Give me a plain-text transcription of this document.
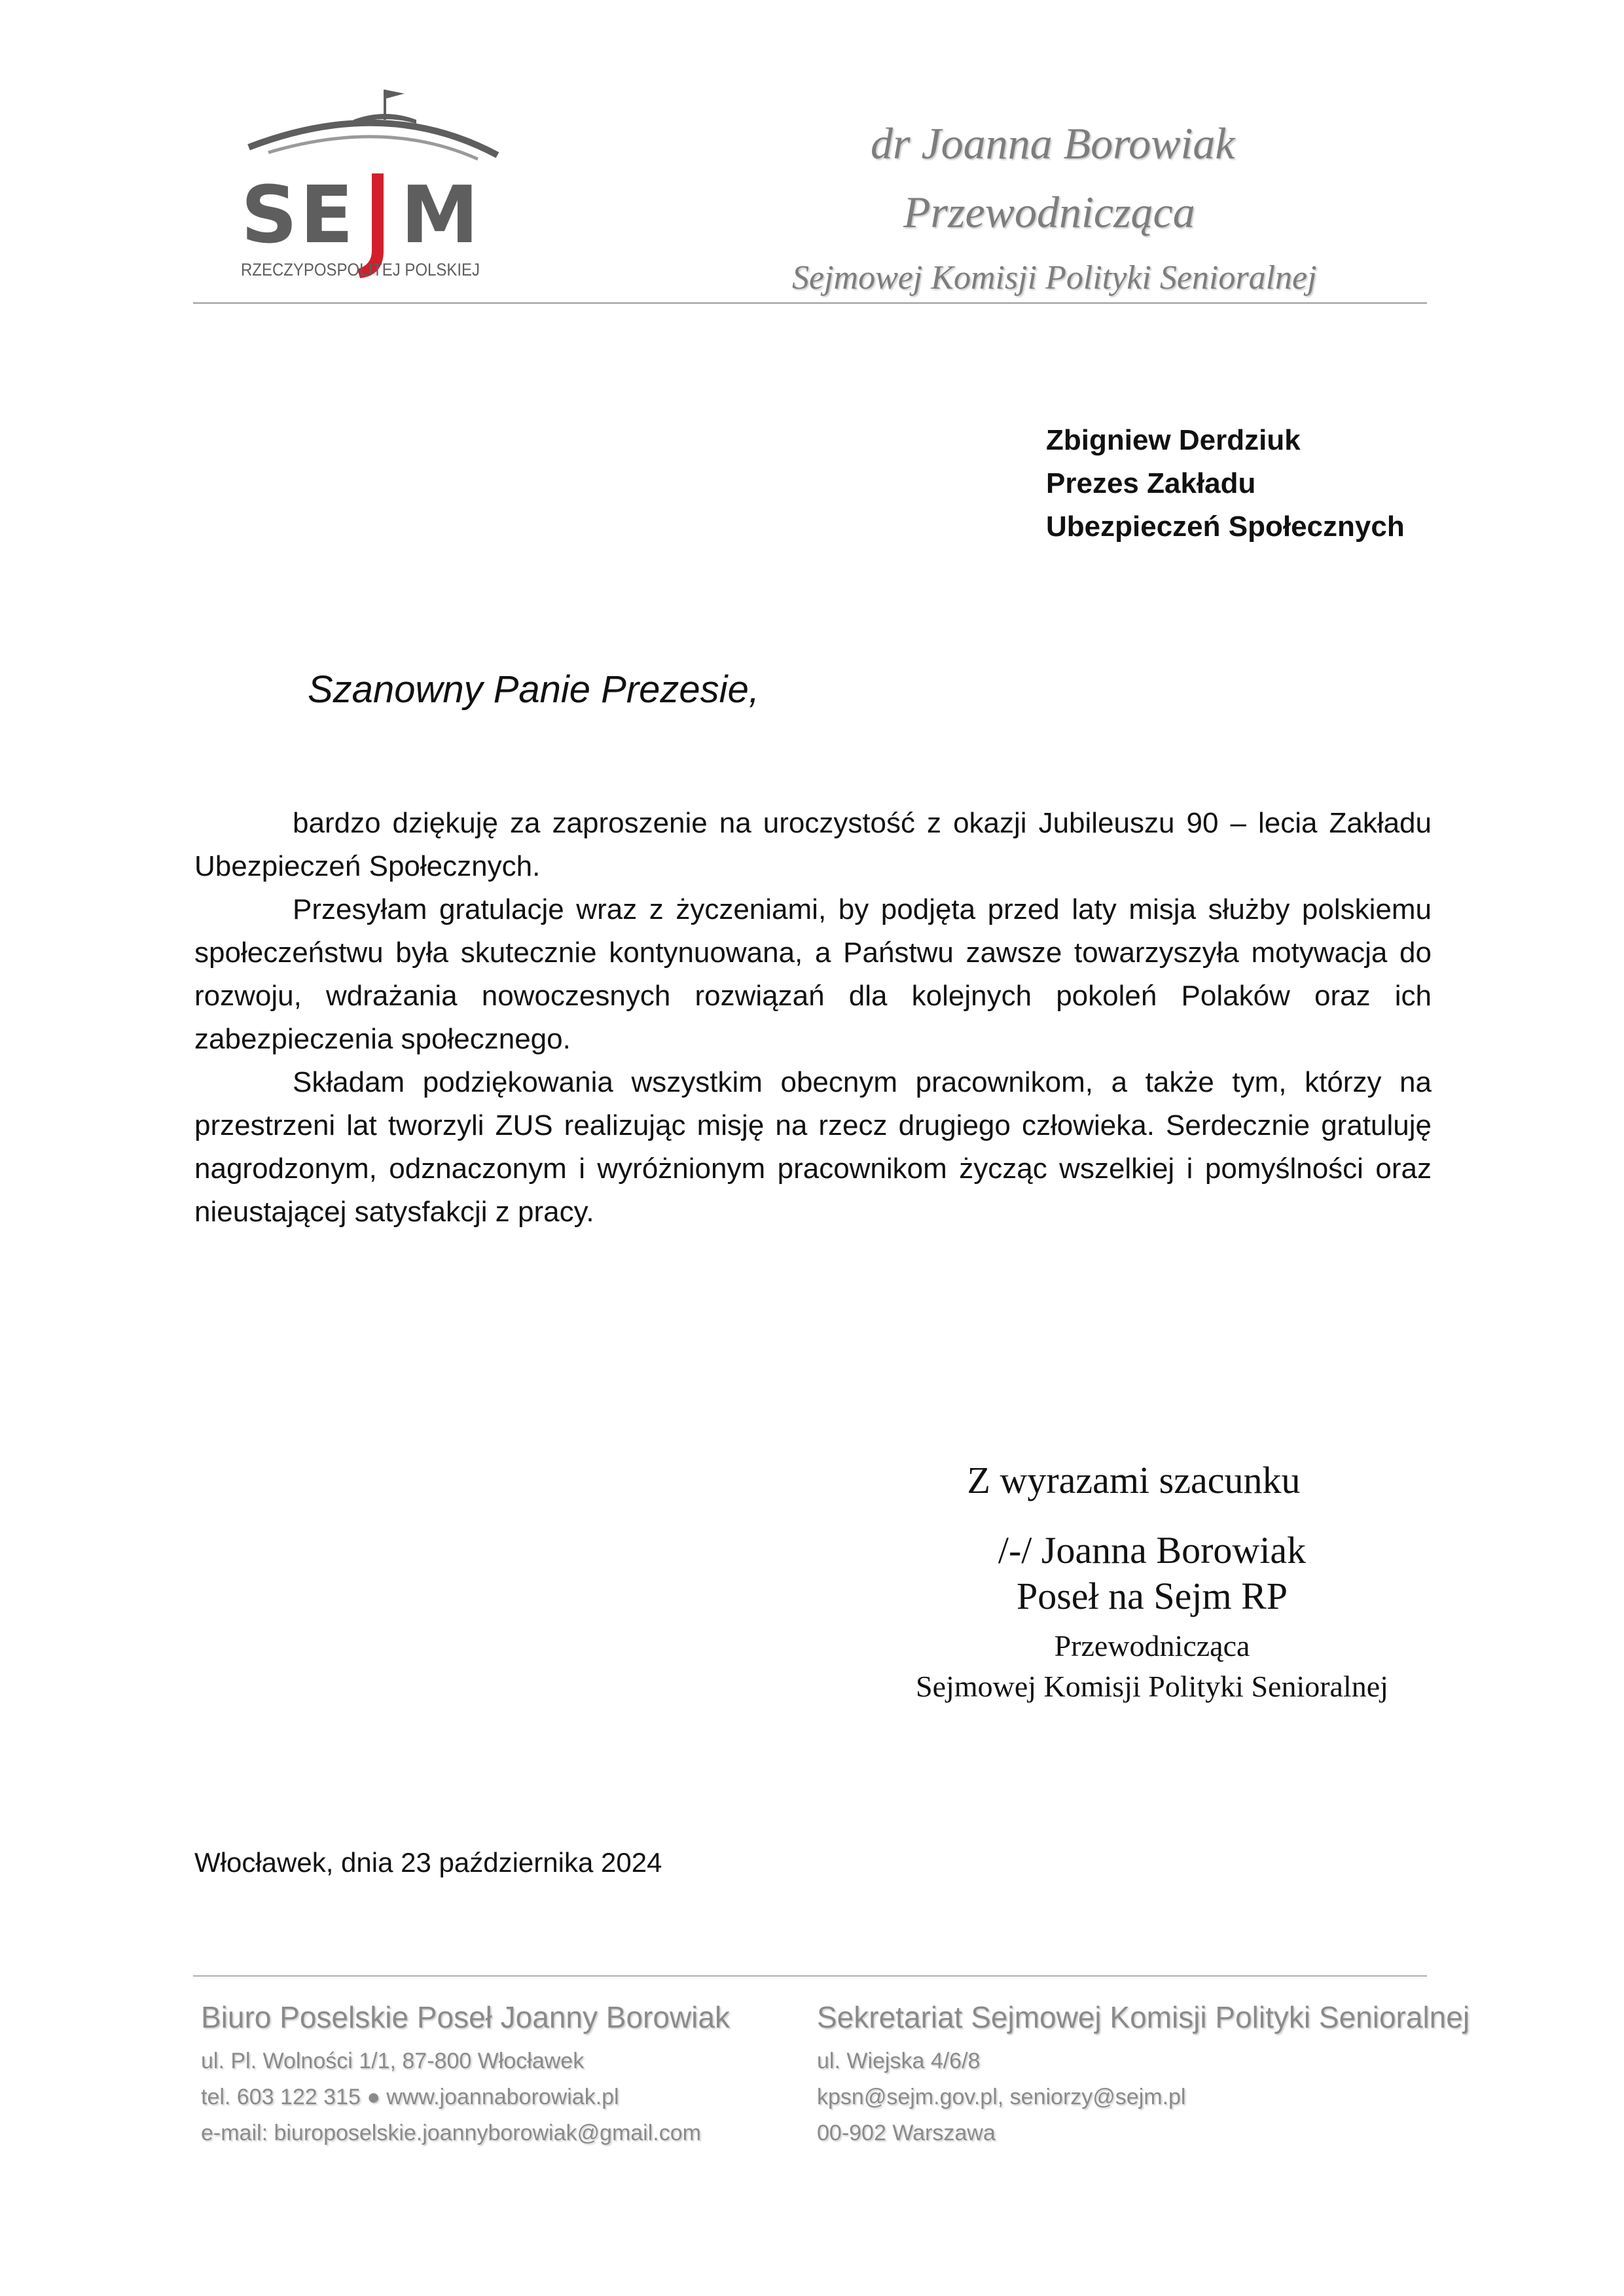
S E M
RZECZYPOSPOLITEJ POLSKIEJ
dr Joanna Borowiak
Przewodnicząca
Sejmowej Komisji Polityki Senioralnej
Zbigniew Derdziuk
Prezes Zakładu
Ubezpieczeń Społecznych
Szanowny Panie Prezesie,

bardzo dziękuję za zaproszenie na uroczystość z okazji Jubileuszu 90 – lecia Zakładu Ubezpieczeń Społecznych.

Przesyłam gratulacje wraz z życzeniami, by podjęta przed laty misja służby polskiemu społeczeństwu była skutecznie kontynuowana, a Państwu zawsze towarzyszyła motywacja do rozwoju, wdrażania nowoczesnych rozwiązań dla kolejnych pokoleń Polaków oraz ich zabezpieczenia społecznego.

Składam podziękowania wszystkim obecnym pracownikom, a także tym, którzy na przestrzeni lat tworzyli ZUS realizując misję na rzecz drugiego człowieka. Serdecznie gratuluję nagrodzonym, odznaczonym i wyróżnionym pracownikom życząc wszelkiej i pomyślności oraz nieustającej satysfakcji z pracy.

Z wyrazami szacunku
/-/ Joanna Borowiak
Poseł na Sejm RP
Przewodnicząca
Sejmowej Komisji Polityki Senioralnej
Włocławek, dnia 23 października 2024
Biuro Poselskie Poseł Joanny Borowiak
ul. Pl. Wolności 1/1, 87-800 Włocławek
tel. 603 122 315 ● www.joannaborowiak.pl
e-mail: biuroposelskie.joannyborowiak@gmail.com
Sekretariat Sejmowej Komisji Polityki Senioralnej
ul. Wiejska 4/6/8
kpsn@sejm.gov.pl, seniorzy@sejm.pl
00-902 Warszawa
